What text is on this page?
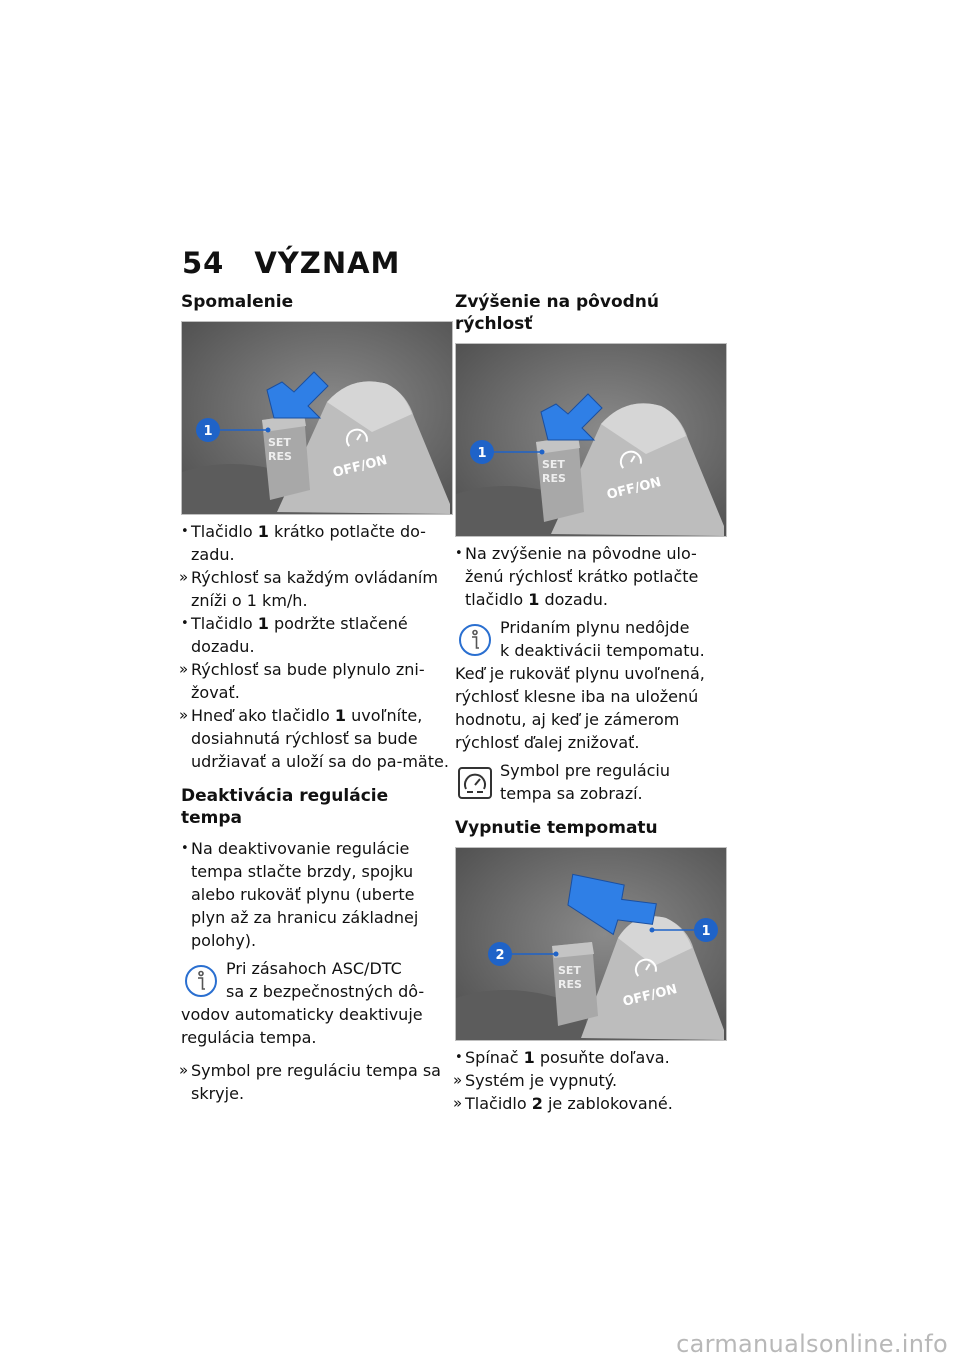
54 VÝZNAM
Spomalenie
SET
RES	OFF/ON
1
• Tlačidlo 1 krátko potlačte do-zadu.
» Rýchlosť sa každým ovládaním zníži o 1 km/h.
• Tlačidlo 1 podržte stlačené dozadu.
» Rýchlosť sa bude plynulo zni-žovať.
» Hneď ako tlačidlo 1 uvoľníte, dosiahnutá rýchlosť sa bude udržiavať a uloží sa do pa-mäte.
Deaktivácia regulácie tempa
• Na deaktivovanie regulácie tempa stlačte brzdy, spojku alebo rukoväť plynu (uberte plyn až za hranicu základnej polohy).
Pri zásahoch ASC/DTC
sa z bezpečnostných dô-
vodov automaticky deaktivuje regulácia tempa.
» Symbol pre reguláciu tempa sa skryje.
Zvýšenie na pôvodnú rýchlosť
SET
RES	OFF/ON
1
• Na zvýšenie na pôvodne ulo-ženú rýchlosť krátko potlačte tlačidlo 1 dozadu.
Pridaním plynu nedôjde
k deaktivácii tempomatu.
Keď je rukoväť plynu uvoľnená, rýchlosť klesne iba na uloženú hodnotu, aj keď je zámerom rýchlosť ďalej znižovať.
Symbol pre reguláciu
tempa sa zobrazí.
Vypnutie tempomatu
SET
RES	OFF/ON
1
2
• Spínač 1 posuňte doľava.
» Systém je vypnutý.
» Tlačidlo 2 je zablokované.
carmanualsonline.info
